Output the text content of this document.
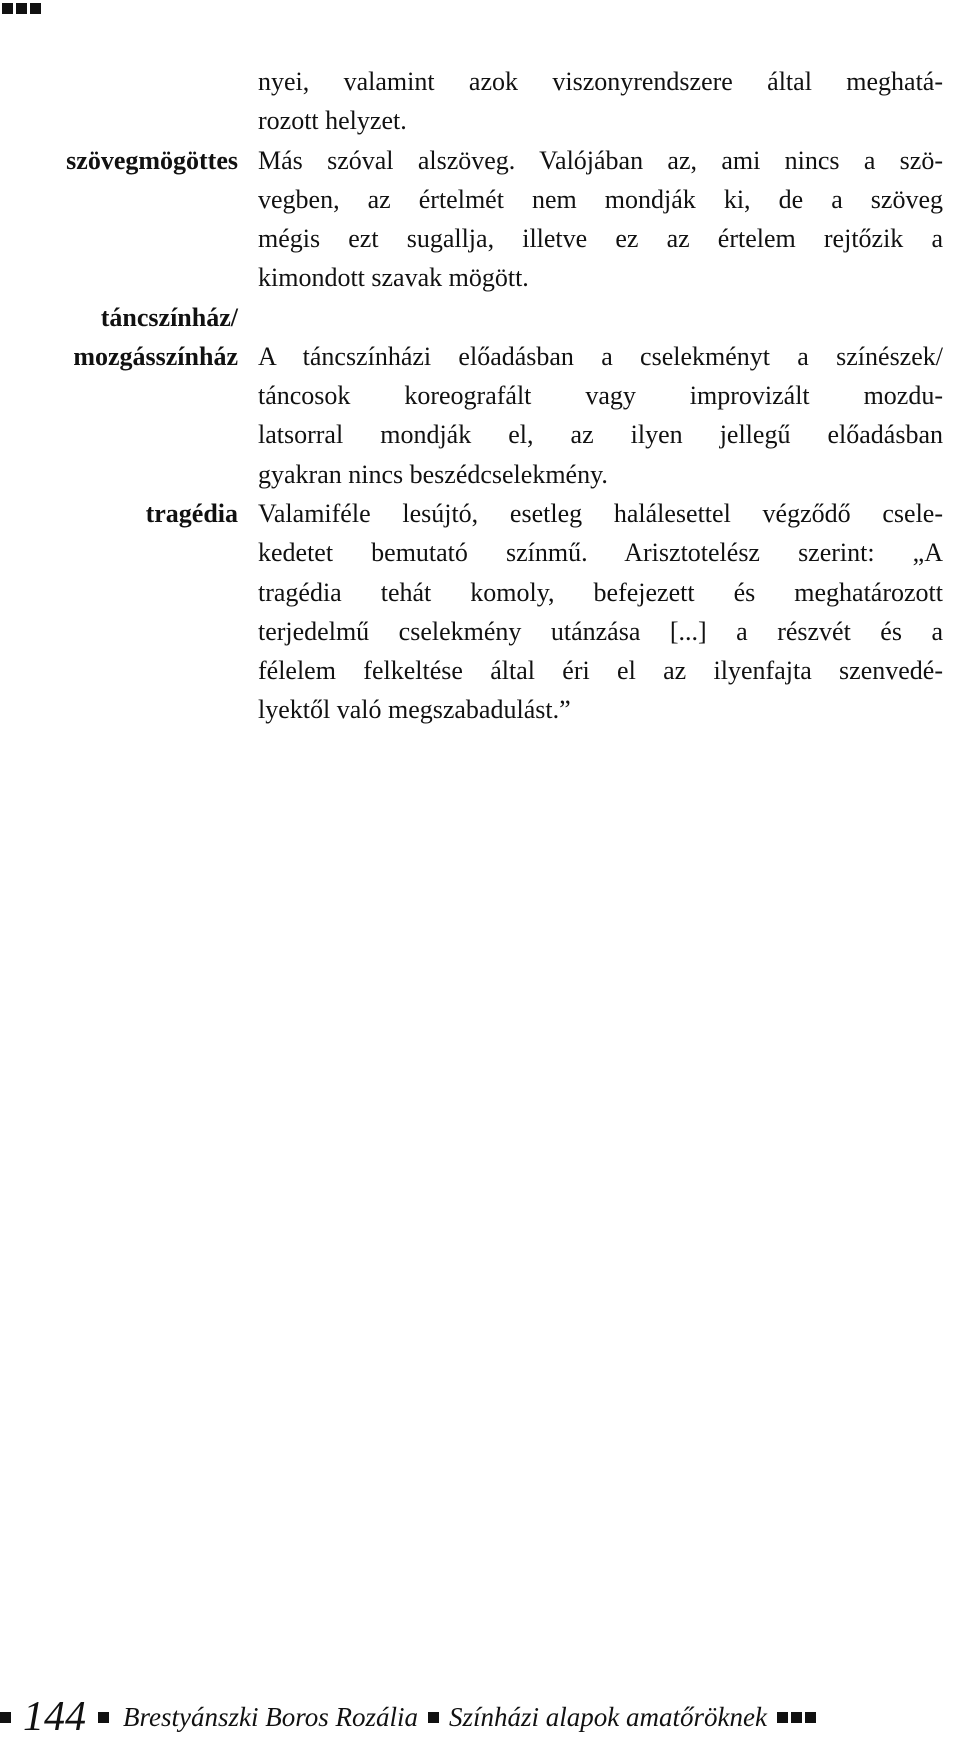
nyei, valamint azok viszonyrendszere által meghatá-
rozott helyzet.
szövegmögöttes Más szóval alszöveg. Valójában az, ami nincs a szö-
vegben, az értelmét nem mondják ki, de a szöveg
mégis ezt sugallja, illetve ez az értelem rejtőzik a
kimondott szavak mögött.
táncszínház/
mozgásszínház A táncszínházi előadásban a cselekményt a színészek/
táncosok koreografált vagy improvizált mozdu-
latsorral mondják el, az ilyen jellegű előadásban
gyakran nincs beszédcselekmény.
tragédia Valamiféle lesújtó, esetleg halálesettel végződő csele-
kedetet bemutató színmű. Arisztotelész szerint: „A
tragédia tehát komoly, befejezett és meghatározott
terjedelmű cselekmény utánzása [...] a részvét és a
félelem felkeltése által éri el az ilyenfajta szenvedé-
lyektől való megszabadulást.”
144 Brestyánszki Boros Rozália Színházi alapok amatőröknek
